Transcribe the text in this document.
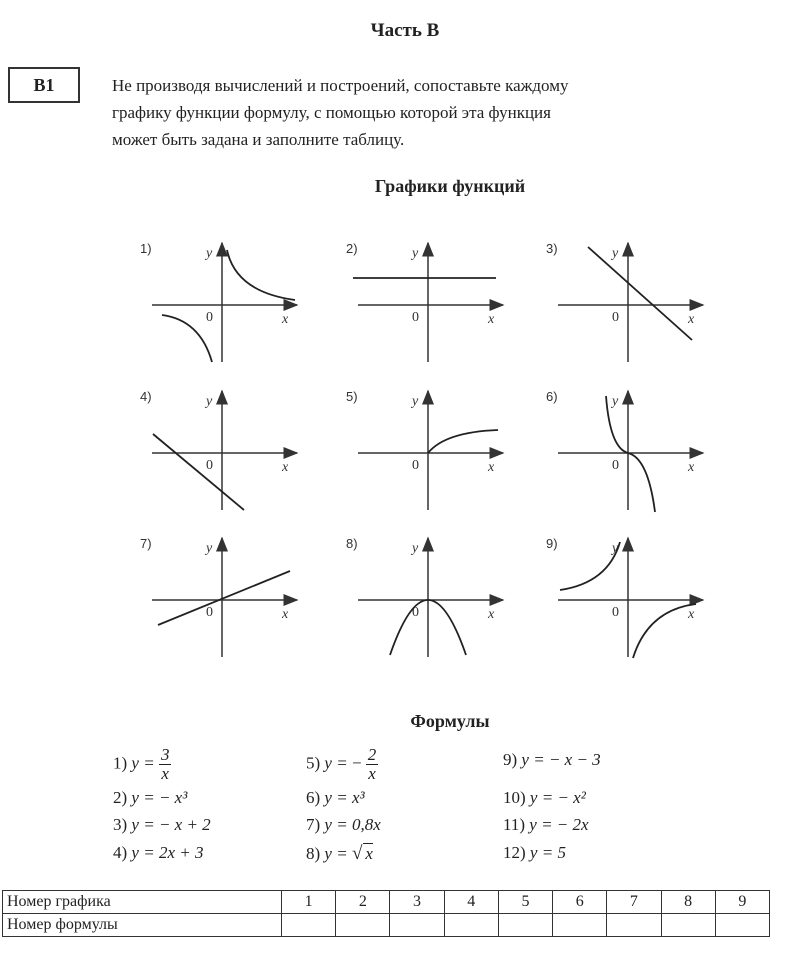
Часть В
В1	Не производя вычислений и построений, сопоставьте каждому
графику функции формулу, с помощью которой эта функция
может быть задана и заполните таблицу.
Графики функций
1)	y
x
0
2)	y
x
0
3)	y
x
0
4)	y
x
0
5)	y
x
0
6)	y
x
0
7)	y
x
0
8)	y
x
0
9)	y
x
0
Формулы
1) $y = \frac{3}{x}$
2) y = − x³
3) y = − x + 2
4) y = 2x + 3
5) y = − $\frac{2}{x}$
6) y = x³
7) y = 0,8x
8) y = √ x
9) y = − x − 3
10) y = − x²
11) y = − 2x
12) y = 5
Номер графика	1	2	3	4	5	6	7	8	9
Номер формулы									
